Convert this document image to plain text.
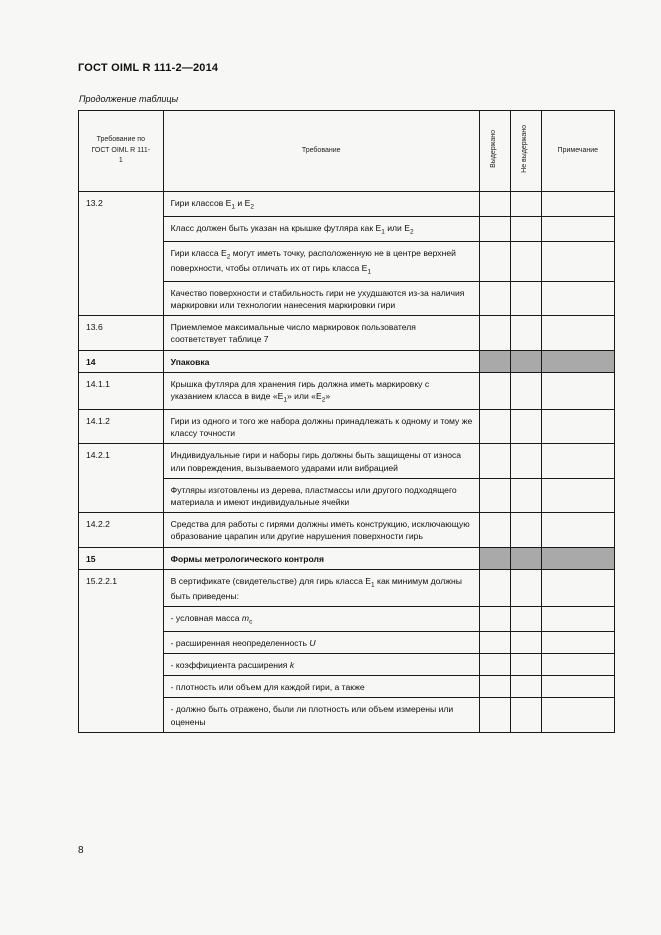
ГОСТ OIML R 111-2—2014
Продолжение таблицы
Требование по ГОСТ OIML R 111-1	Требование	Выдержано	Не выдержано	Примечание
13.2	Гири классов $E_1$ и $E_2$			
	Класс должен быть указан на крышке футляра как $E_1$ или $E_2$			
	Гири класса $E_2$ могут иметь точку, расположенную не в центре верхней поверхности, чтобы отличать их от гирь класса $E_1$			
	Качество поверхности и стабильность гири не ухудшаются из-за наличия маркировки или технологии нанесения маркировки гири			
13.6	Приемлемое максимальные число маркировок пользователя соответствует таблице 7			
14	Упаковка			
14.1.1	Крышка футляра для хранения гирь должна иметь маркировку с указанием класса в виде «$E_1$» или «$E_2$»			
14.1.2	Гири из одного и того же набора должны принадлежать к одному и тому же классу точности			
14.2.1	Индивидуальные гири и наборы гирь должны быть защищены от износа или повреждения, вызываемого ударами или вибрацией			
	Футляры изготовлены из дерева, пластмассы или другого подходящего материала и имеют индивидуальные ячейки			
14.2.2	Средства для работы с гирями должны иметь конструкцию, исключающую образование царапин или другие нарушения поверхности гирь			
15	Формы метрологического контроля			
15.2.2.1	В сертификате (свидетельстве) для гирь класса $E_1$ как минимум должны быть приведены:			
	- условная масса $m_c$			
	- расширенная неопределенность U			
	- коэффициента расширения k			
	- плотность или объем для каждой гири, а также			
	- должно быть отражено, были ли плотность или объем измерены или оценены			
8
